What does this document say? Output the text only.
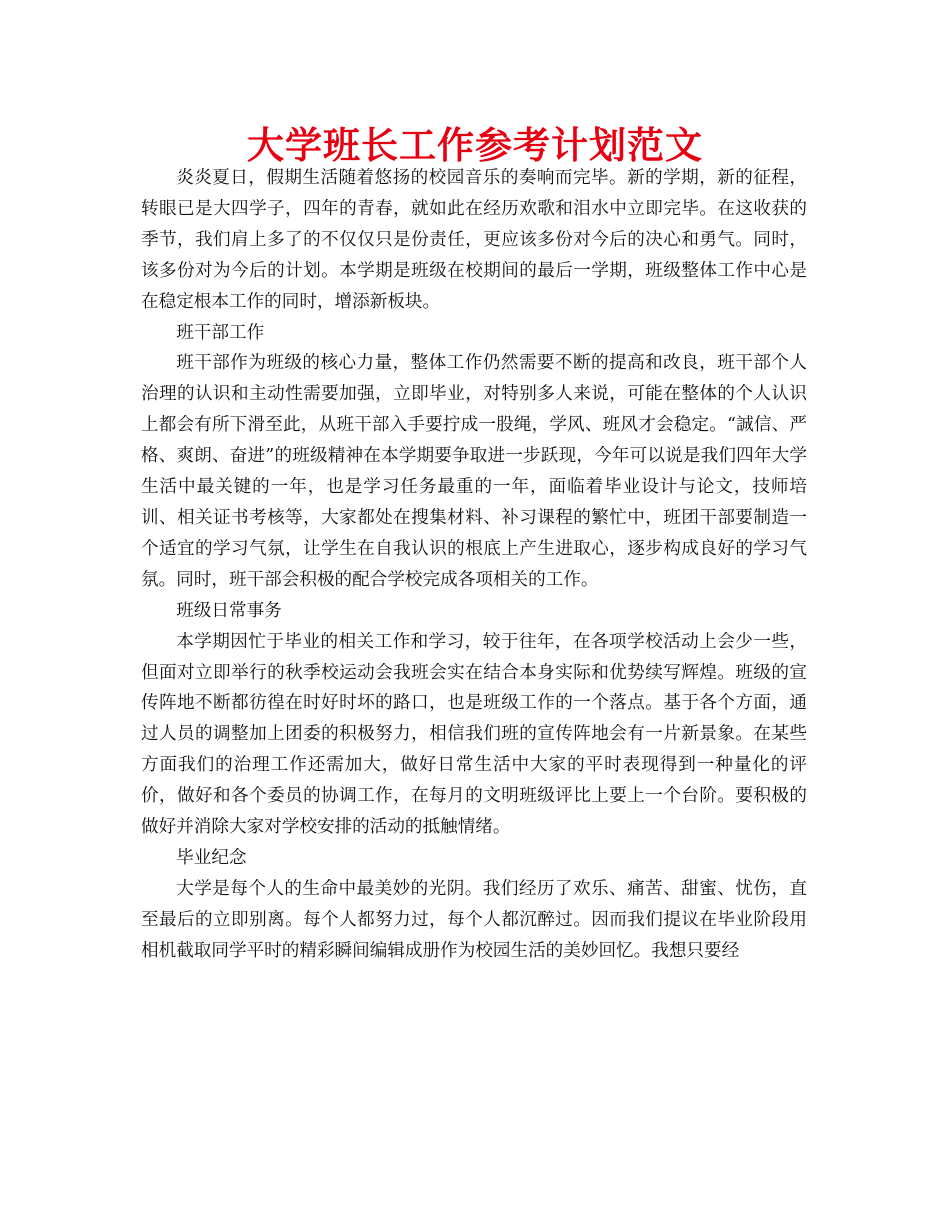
大学班长工作参考计划范文

炎炎夏日，假期生活随着悠扬的校园音乐的奏响而完毕。新的学期，新的征程，转眼已是大四学子，四年的青春，就如此在经历欢歌和泪水中立即完毕。在这收获的季节，我们肩上多了的不仅仅只是份责任，更应该多份对今后的决心和勇气。同时，该多份对为今后的计划。本学期是班级在校期间的最后一学期，班级整体工作中心是在稳定根本工作的同时，增添新板块。

班干部工作

班干部作为班级的核心力量，整体工作仍然需要不断的提高和改良，班干部个人治理的认识和主动性需要加强，立即毕业，对特别多人来说，可能在整体的个人认识上都会有所下滑至此，从班干部入手要拧成一股绳，学风、班风才会稳定。“誠信、严格、爽朗、奋进”的班级精神在本学期要争取进一步跃现，今年可以说是我们四年大学生活中最关键的一年，也是学习任务最重的一年，面临着毕业设计与论文，技师培训、相关证书考核等，大家都处在搜集材料、补习课程的繁忙中，班团干部要制造一个适宜的学习气氛，让学生在自我认识的根底上产生进取心，逐步构成良好的学习气氛。同时，班干部会积极的配合学校完成各项相关的工作。

班级日常事务

本学期因忙于毕业的相关工作和学习，较于往年，在各项学校活动上会少一些，但面对立即举行的秋季校运动会我班会实在结合本身实际和优势续写辉煌。班级的宣传阵地不断都彷徨在时好时坏的路口，也是班级工作的一个落点。基于各个方面，通过人员的调整加上团委的积极努力，相信我们班的宣传阵地会有一片新景象。在某些方面我们的治理工作还需加大，做好日常生活中大家的平时表现得到一种量化的评价，做好和各个委员的协调工作，在每月的文明班级评比上要上一个台阶。要积极的做好并消除大家对学校安排的活动的抵触情绪。

毕业纪念

大学是每个人的生命中最美妙的光阴。我们经历了欢乐、痛苦、甜蜜、忧伤，直至最后的立即别离。每个人都努力过，每个人都沉醉过。因而我们提议在毕业阶段用相机截取同学平时的精彩瞬间编辑成册作为校园生活的美妙回忆。我想只要经
